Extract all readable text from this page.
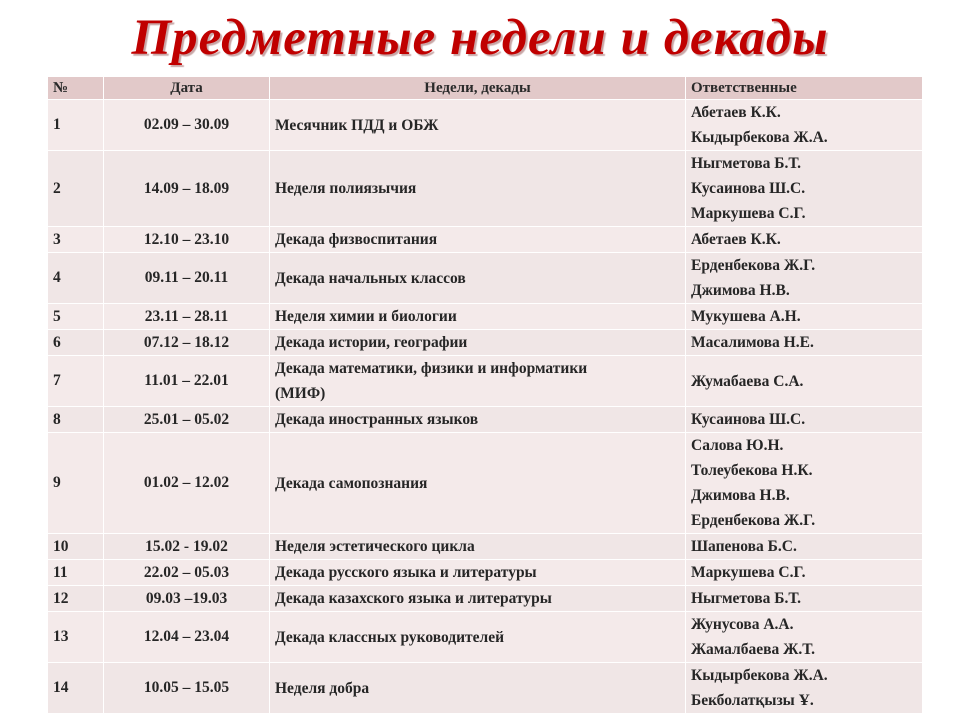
Предметные недели и декады
№	Дата	Недели, декады	Ответственные
1	02.09 – 30.09	Месячник ПДД и ОБЖ	Абетаев К.К.
Кыдырбекова Ж.А.

2	14.09 – 18.09	Неделя полиязычия	Ныгметова Б.Т.
Кусаинова Ш.С.
Маркушева С.Г.

3	12.10 – 23.10	Декада физвоспитания	Абетаев К.К.

4	09.11 – 20.11	Декада начальных классов	Ерденбекова Ж.Г.
Джимова Н.В.

5	23.11 – 28.11	Неделя химии и биологии	Мукушева А.Н.

6	07.12 – 18.12	Декада истории, географии	Масалимова Н.Е.

7	11.01 – 22.01	Декада математики, физики и информатики
(МИФ)	Жумабаева С.А.

8	25.01 – 05.02	Декада иностранных языков	Кусаинова Ш.С.

9	01.02 – 12.02	Декада самопознания	Салова Ю.Н.
Толеубекова Н.К.
Джимова Н.В.
Ерденбекова Ж.Г.

10	15.02 - 19.02	Неделя эстетического цикла	Шапенова Б.С.

11	22.02 – 05.03	Декада русского языка и литературы	Маркушева С.Г.

12	09.03 –19.03	Декада казахского языка и литературы	Ныгметова Б.Т.

13	12.04 – 23.04	Декада классных руководителей	Жунусова А.А.
Жамалбаева Ж.Т.

14	10.05 – 15.05	Неделя добра	Кыдырбекова Ж.А.
Бекболатқызы Ұ.
